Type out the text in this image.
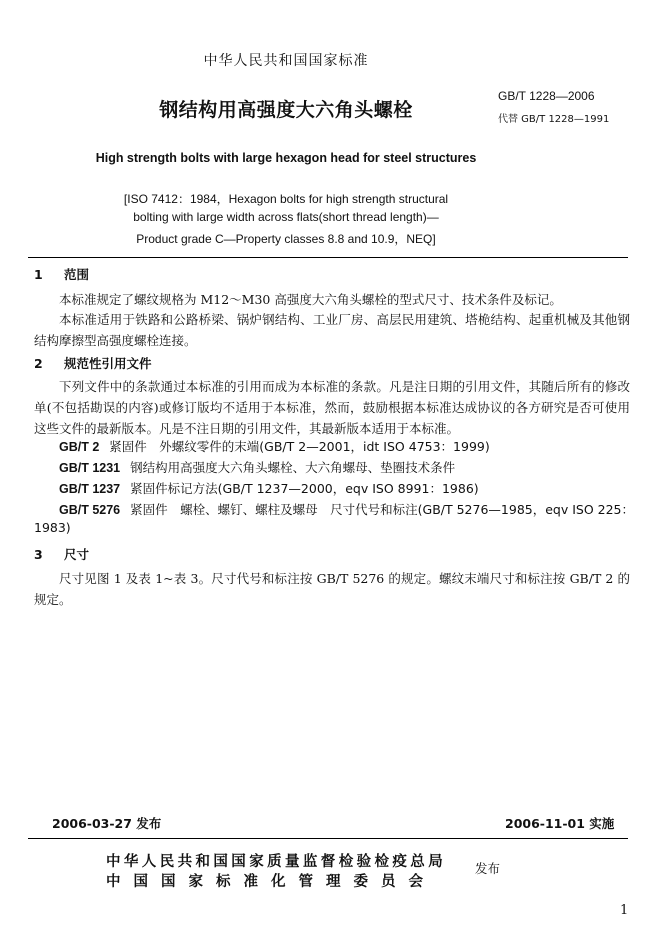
中华人民共和国国家标准
钢结构用高强度大六角头螺栓
GB/T 1228—2006
代替 GB/T 1228—1991
High strength bolts with large hexagon head for steel structures
[ISO 7412：1984，Hexagon bolts for high strength structural
bolting with large width across flats(short thread length)—
Product grade C—Property classes 8.8 and 10.9，NEQ]
1 范围
本标准规定了螺纹规格为 M12～M30 高强度大六角头螺栓的型式尺寸、技术条件及标记。
本标准适用于铁路和公路桥梁、锅炉钢结构、工业厂房、高层民用建筑、塔桅结构、起重机械及其他钢结构摩擦型高强度螺栓连接。
2 规范性引用文件
下列文件中的条款通过本标准的引用而成为本标准的条款。凡是注日期的引用文件，其随后所有的修改单(不包括勘误的内容)或修订版均不适用于本标准，然而，鼓励根据本标准达成协议的各方研究是否可使用这些文件的最新版本。凡是不注日期的引用文件，其最新版本适用于本标准。
GB/T 2 紧固件　外螺纹零件的末端(GB/T 2—2001，idt ISO 4753：1999)
GB/T 1231 钢结构用高强度大六角头螺栓、大六角螺母、垫圈技术条件
GB/T 1237 紧固件标记方法(GB/T 1237—2000，eqv ISO 8991：1986)
GB/T 5276 紧固件　螺栓、螺钉、螺柱及螺母　尺寸代号和标注(GB/T 5276—1985，eqv ISO 225：
1983)
3 尺寸
尺寸见图 1 及表 1~表 3。尺寸代号和标注按 GB/T 5276 的规定。螺纹末端尺寸和标注按 GB/T 2 的规定。
2006-03-27 发布	2006-11-01 实施
中华人民共和国国家质量监督检验检疫总局
中国国家标准化管理委员会
发布
1
